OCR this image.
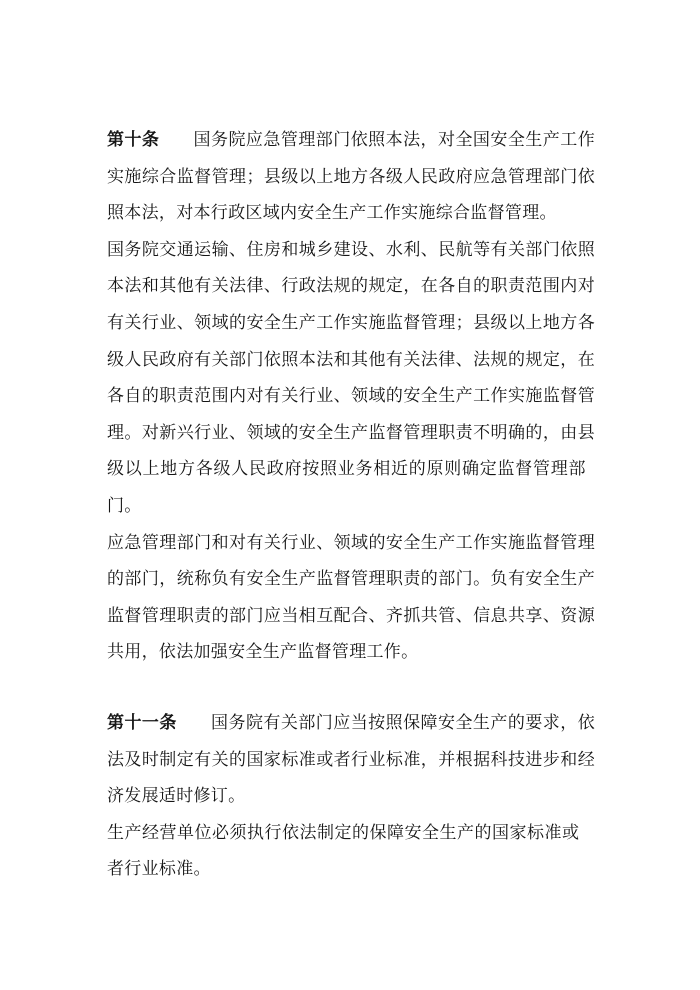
第十条 国务院应急管理部门依照本法，对全国安全生产工作
实施综合监督管理；县级以上地方各级人民政府应急管理部门依
照本法，对本行政区域内安全生产工作实施综合监督管理。
国务院交通运输、住房和城乡建设、水利、民航等有关部门依照
本法和其他有关法律、行政法规的规定，在各自的职责范围内对
有关行业、领域的安全生产工作实施监督管理；县级以上地方各
级人民政府有关部门依照本法和其他有关法律、法规的规定，在
各自的职责范围内对有关行业、领域的安全生产工作实施监督管
理。对新兴行业、领域的安全生产监督管理职责不明确的，由县
级以上地方各级人民政府按照业务相近的原则确定监督管理部
门。
应急管理部门和对有关行业、领域的安全生产工作实施监督管理
的部门，统称负有安全生产监督管理职责的部门。负有安全生产
监督管理职责的部门应当相互配合、齐抓共管、信息共享、资源
共用，依法加强安全生产监督管理工作。
第十一条 国务院有关部门应当按照保障安全生产的要求，依
法及时制定有关的国家标准或者行业标准，并根据科技进步和经
济发展适时修订。
生产经营单位必须执行依法制定的保障安全生产的国家标准或
者行业标准。
